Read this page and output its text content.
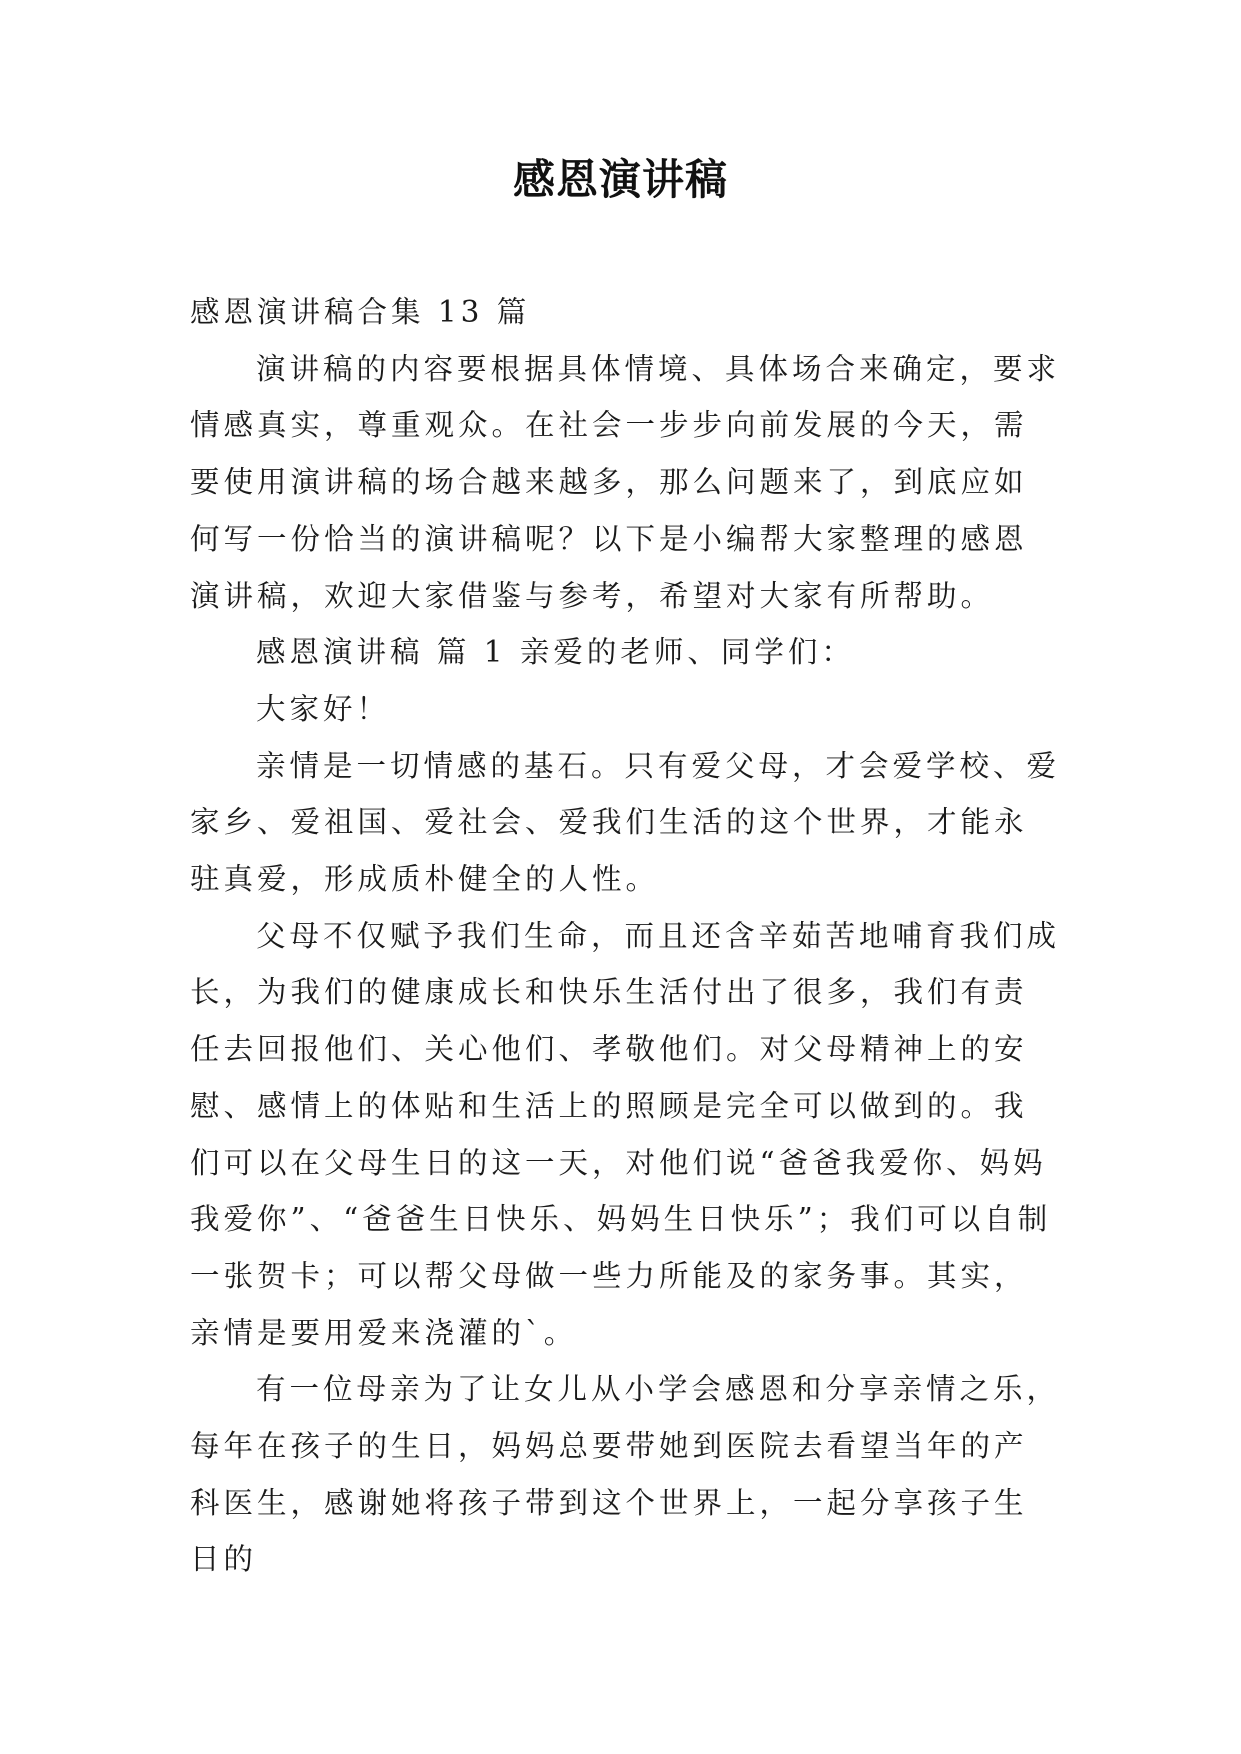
感恩演讲稿

感恩演讲稿合集 13 篇

演讲稿的内容要根据具体情境、具体场合来确定，要求情感真实，尊重观众。在社会一步步向前发展的今天，需要使用演讲稿的场合越来越多，那么问题来了，到底应如何写一份恰当的演讲稿呢？以下是小编帮大家整理的感恩演讲稿，欢迎大家借鉴与参考，希望对大家有所帮助。

感恩演讲稿 篇 1 亲爱的老师、同学们：

大家好！

亲情是一切情感的基石。只有爱父母，才会爱学校、爱家乡、爱祖国、爱社会、爱我们生活的这个世界，才能永驻真爱，形成质朴健全的人性。

父母不仅赋予我们生命，而且还含辛茹苦地哺育我们成长，为我们的健康成长和快乐生活付出了很多，我们有责任去回报他们、关心他们、孝敬他们。对父母精神上的安慰、感情上的体贴和生活上的照顾是完全可以做到的。我们可以在父母生日的这一天，对他们说“爸爸我爱你、妈妈我爱你”、“爸爸生日快乐、妈妈生日快乐”；我们可以自制一张贺卡；可以帮父母做一些力所能及的家务事。其实，亲情是要用爱来浇灌的`。

有一位母亲为了让女儿从小学会感恩和分享亲情之乐，每年在孩子的生日，妈妈总要带她到医院去看望当年的产科医生，感谢她将孩子带到这个世界上，一起分享孩子生日的
